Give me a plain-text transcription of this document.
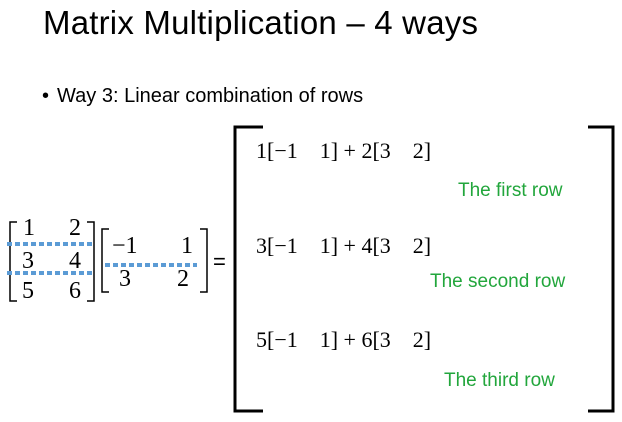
Matrix Multiplication – 4 ways
• Way 3: Linear combination of rows
1 2
3 4
5 6
−1 1
3 2
=
1[−1    1] + 2[3    2]
The first row
3[−1    1] + 4[3    2]
The second row
5[−1    1] + 6[3    2]
The third row
